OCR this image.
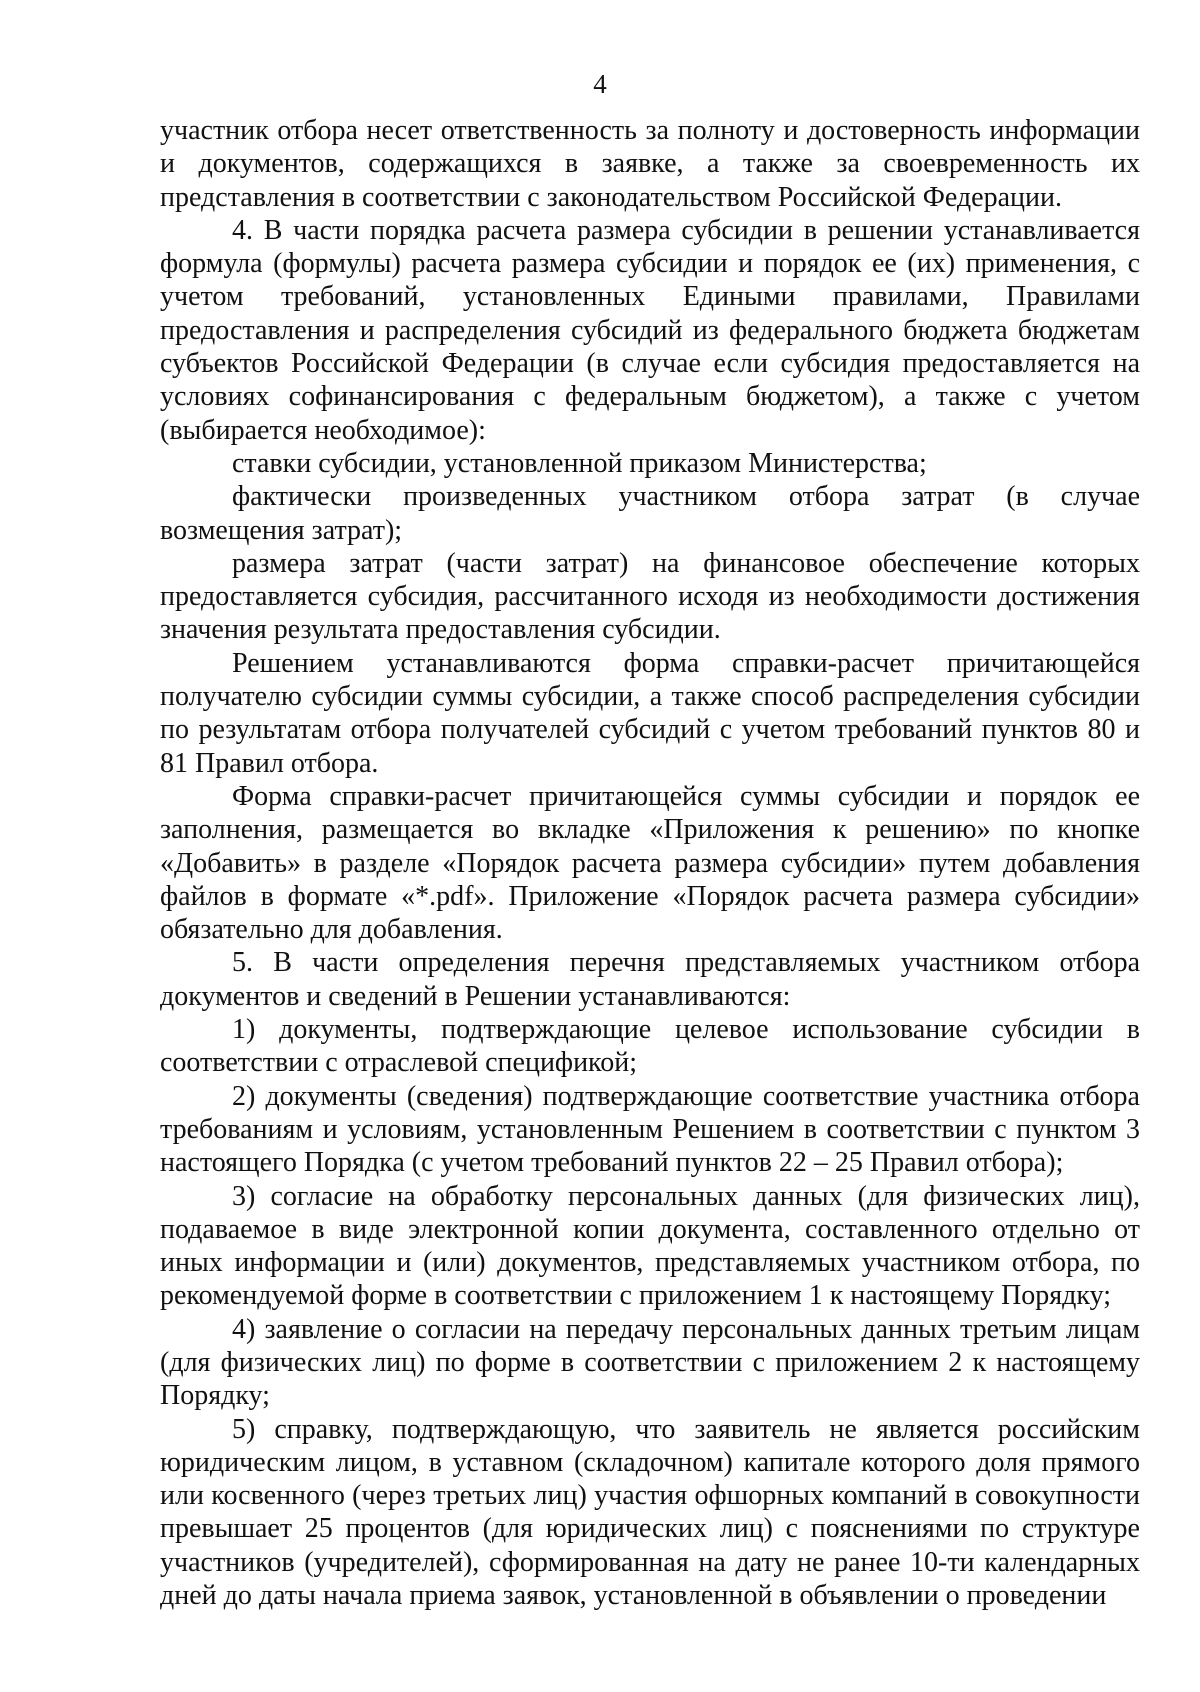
4

участник отбора несет ответственность за полноту и достоверность информации и документов, содержащихся в заявке, а также за своевременность их представления в соответствии с законодательством Российской Федерации.

4. В части порядка расчета размера субсидии в решении устанавливается формула (формулы) расчета размера субсидии и порядок ее (их) применения, с учетом требований, установленных Едиными правилами, Правилами предоставления и распределения субсидий из федерального бюджета бюджетам субъектов Российской Федерации (в случае если субсидия предоставляется на условиях софинансирования с федеральным бюджетом), а также с учетом (выбирается необходимое):

ставки субсидии, установленной приказом Министерства;

фактически произведенных участником отбора затрат (в случае возмещения затрат);

размера затрат (части затрат) на финансовое обеспечение которых предоставляется субсидия, рассчитанного исходя из необходимости достижения значения результата предоставления субсидии.

Решением устанавливаются форма справки-расчет причитающейся получателю субсидии суммы субсидии, а также способ распределения субсидии по результатам отбора получателей субсидий с учетом требований пунктов 80 и 81 Правил отбора.

Форма справки-расчет причитающейся суммы субсидии и порядок ее заполнения, размещается во вкладке «Приложения к решению» по кнопке «Добавить» в разделе «Порядок расчета размера субсидии» путем добавления файлов в формате «*.pdf». Приложение «Порядок расчета размера субсидии» обязательно для добавления.

5. В части определения перечня представляемых участником отбора документов и сведений в Решении устанавливаются:

1) документы, подтверждающие целевое использование субсидии в соответствии с отраслевой спецификой;

2) документы (сведения) подтверждающие соответствие участника отбора требованиям и условиям, установленным Решением в соответствии с пунктом 3 настоящего Порядка (с учетом требований пунктов 22 – 25 Правил отбора);

3) согласие на обработку персональных данных (для физических лиц), подаваемое в виде электронной копии документа, составленного отдельно от иных информации и (или) документов, представляемых участником отбора, по рекомендуемой форме в соответствии с приложением 1 к настоящему Порядку;

4) заявление о согласии на передачу персональных данных третьим лицам (для физических лиц) по форме в соответствии с приложением 2 к настоящему Порядку;

5) справку, подтверждающую, что заявитель не является российским юридическим лицом, в уставном (складочном) капитале которого доля прямого или косвенного (через третьих лиц) участия офшорных компаний в совокупности превышает 25 процентов (для юридических лиц) с пояснениями по структуре участников (учредителей), сформированная на дату не ранее 10-ти календарных дней до даты начала приема заявок, установленной в объявлении о проведении
